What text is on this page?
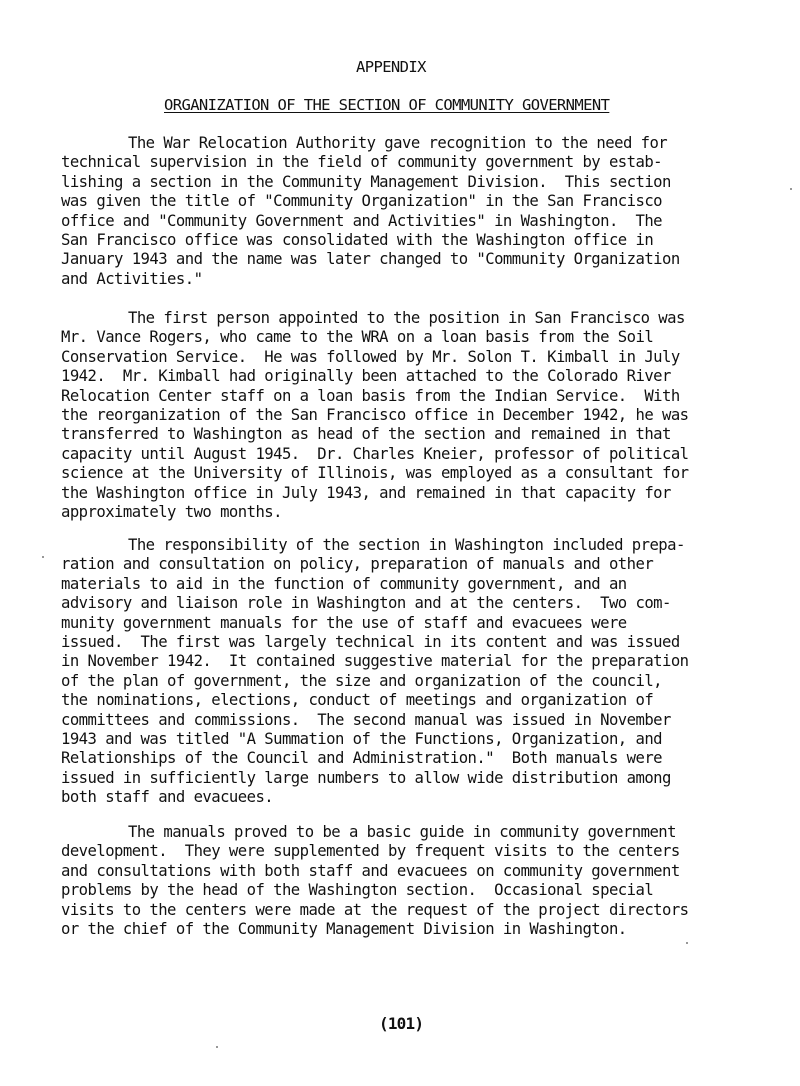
APPENDIX
ORGANIZATION OF THE SECTION OF COMMUNITY GOVERNMENT
The War Relocation Authority gave recognition to the need for
technical supervision in the field of community government by estab-
lishing a section in the Community Management Division.  This section
was given the title of "Community Organization" in the San Francisco
office and "Community Government and Activities" in Washington.  The
San Francisco office was consolidated with the Washington office in
January 1943 and the name was later changed to "Community Organization
and Activities."
The first person appointed to the position in San Francisco was
Mr. Vance Rogers, who came to the WRA on a loan basis from the Soil
Conservation Service.  He was followed by Mr. Solon T. Kimball in July
1942.  Mr. Kimball had originally been attached to the Colorado River
Relocation Center staff on a loan basis from the Indian Service.  With
the reorganization of the San Francisco office in December 1942, he was
transferred to Washington as head of the section and remained in that
capacity until August 1945.  Dr. Charles Kneier, professor of political
science at the University of Illinois, was employed as a consultant for
the Washington office in July 1943, and remained in that capacity for
approximately two months.
The responsibility of the section in Washington included prepa-
ration and consultation on policy, preparation of manuals and other
materials to aid in the function of community government, and an
advisory and liaison role in Washington and at the centers.  Two com-
munity government manuals for the use of staff and evacuees were
issued.  The first was largely technical in its content and was issued
in November 1942.  It contained suggestive material for the preparation
of the plan of government, the size and organization of the council,
the nominations, elections, conduct of meetings and organization of
committees and commissions.  The second manual was issued in November
1943 and was titled "A Summation of the Functions, Organization, and
Relationships of the Council and Administration."  Both manuals were
issued in sufficiently large numbers to allow wide distribution among
both staff and evacuees.
The manuals proved to be a basic guide in community government
development.  They were supplemented by frequent visits to the centers
and consultations with both staff and evacuees on community government
problems by the head of the Washington section.  Occasional special
visits to the centers were made at the request of the project directors
or the chief of the Community Management Division in Washington.
(101)
